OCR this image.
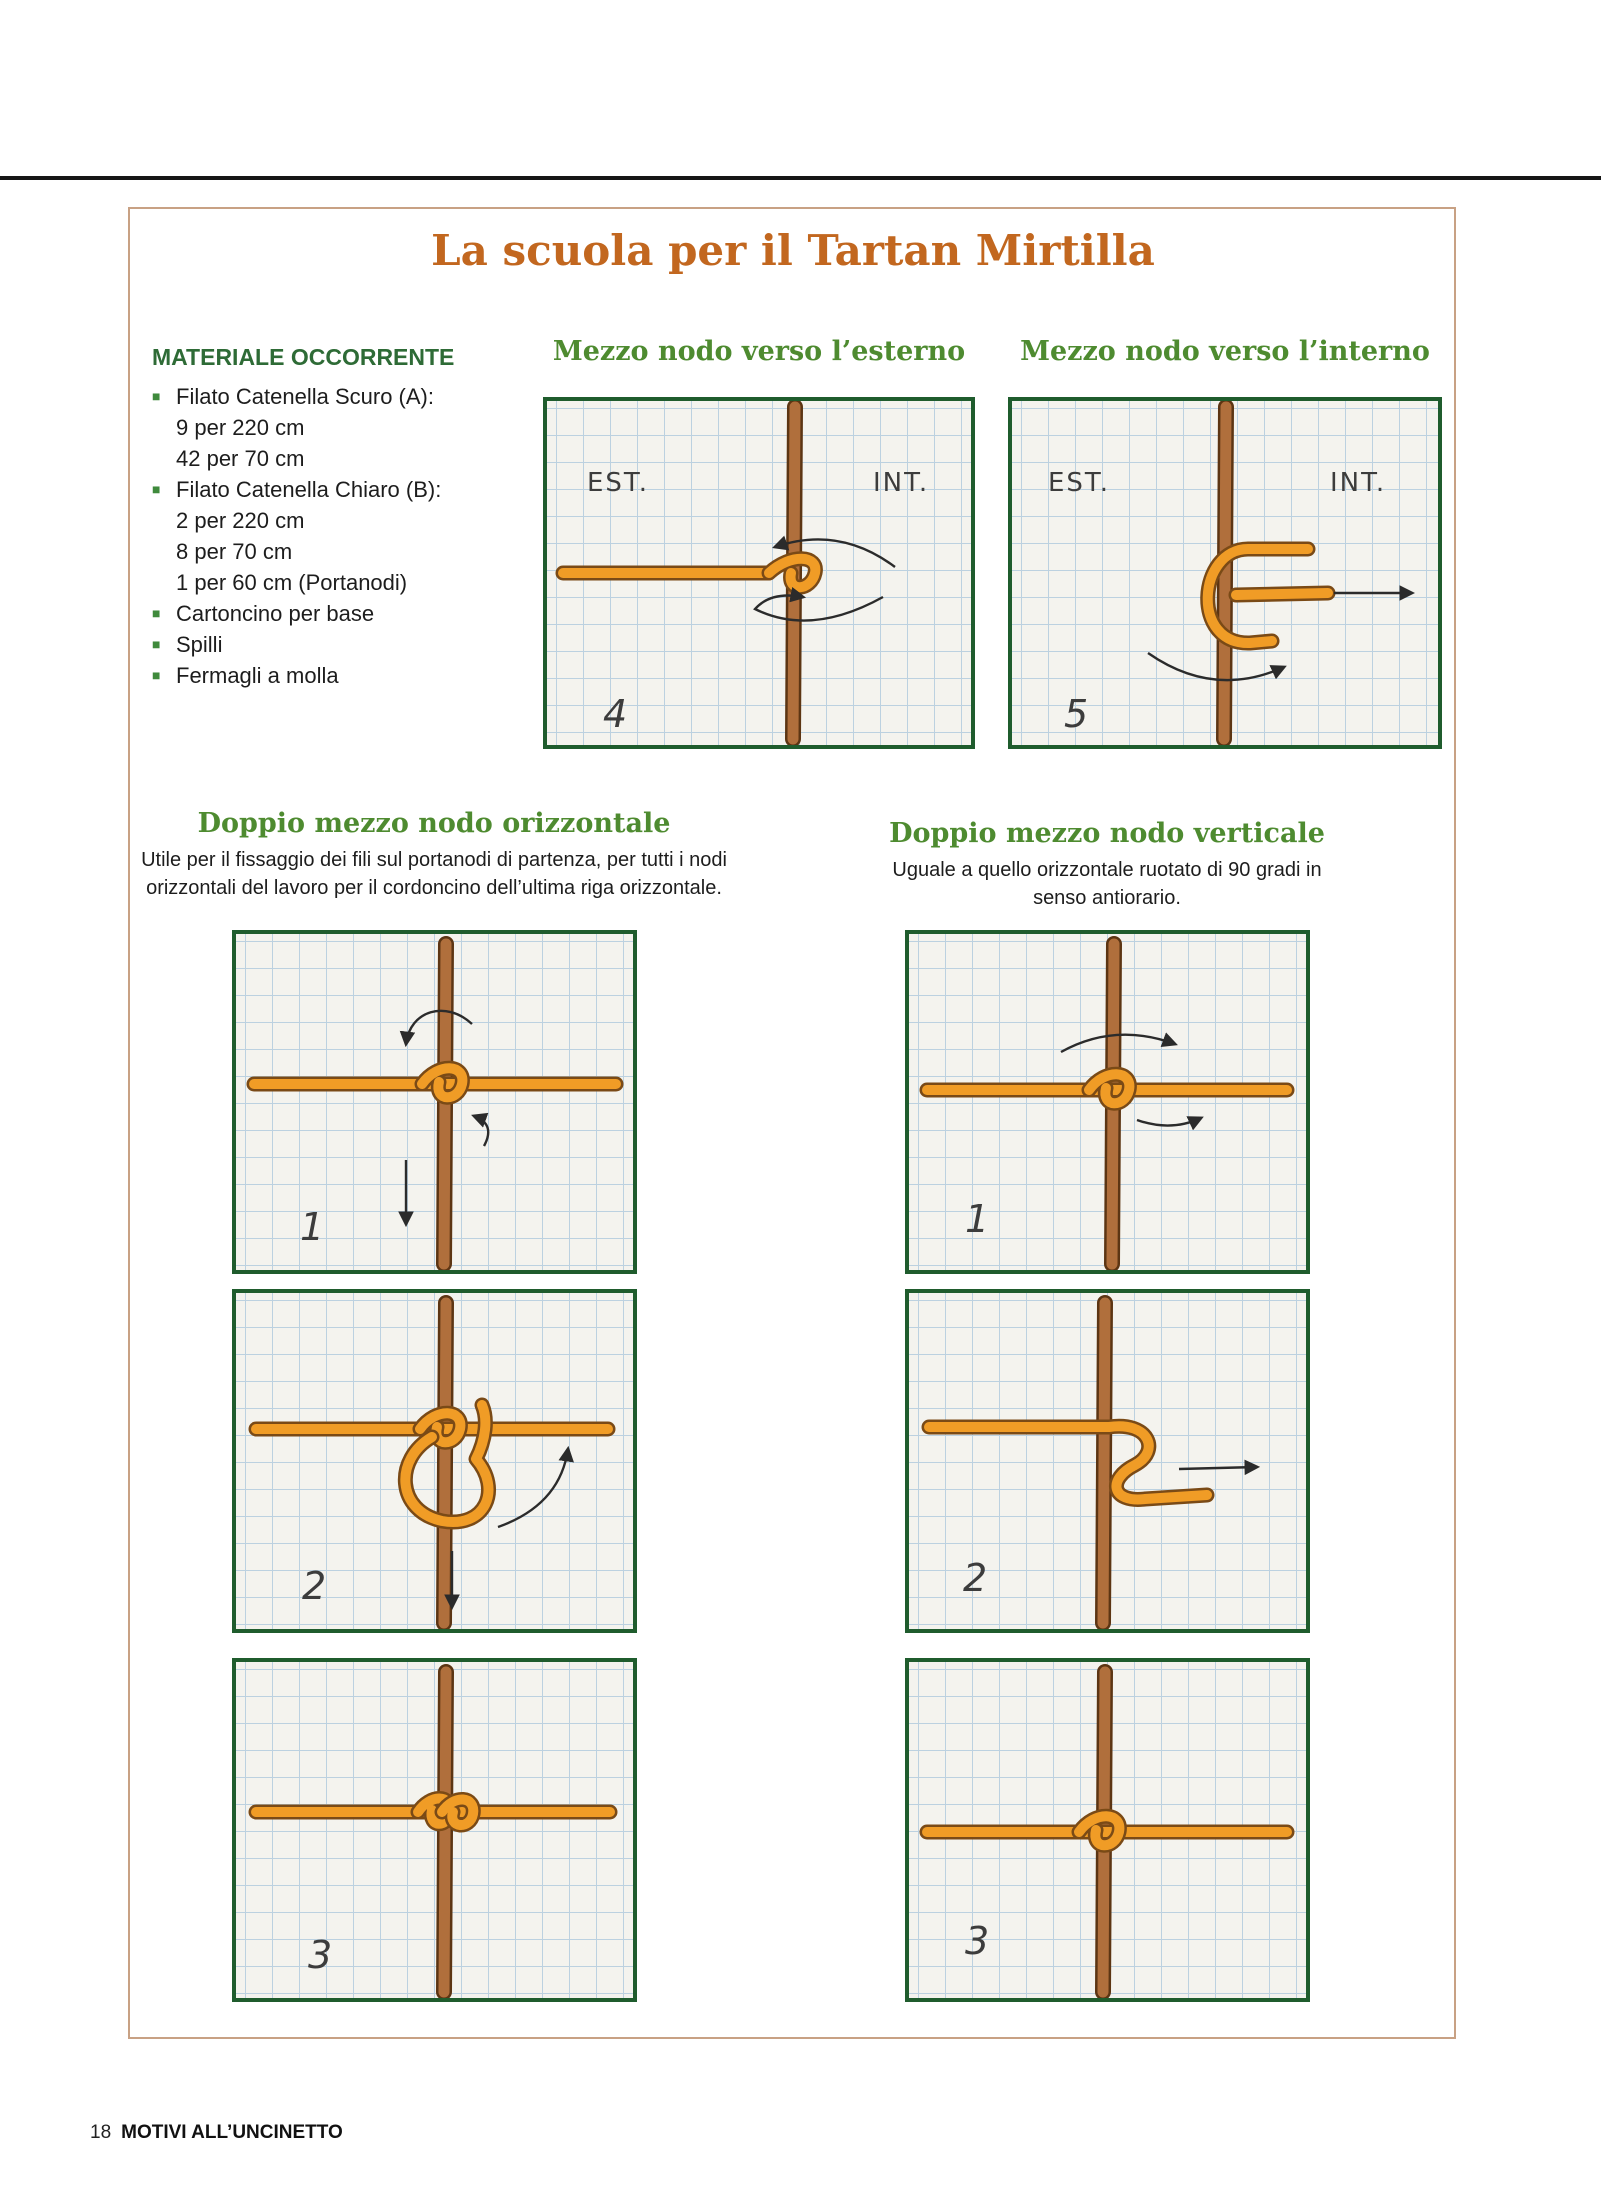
La scuola per il Tartan Mirtilla
MATERIALE OCCORRENTE
■ Filato Catenella Scuro (A):
9 per 220 cm
42 per 70 cm
■ Filato Catenella Chiaro (B):
2 per 220 cm
8 per 70 cm
1 per 60 cm (Portanodi)
■ Cartoncino per base
■ Spilli
■ Fermagli a molla
Mezzo nodo verso l’esterno	Mezzo nodo verso l’interno
EST.	INT.
4
EST.	INT.
5
Doppio mezzo nodo orizzontale
Utile per il fissaggio dei fili sul portanodi di partenza, per tutti i nodi orizzontali del lavoro per il cordoncino dell’ultima riga orizzontale.
Doppio mezzo nodo verticale
Uguale a quello orizzontale ruotato di 90 gradi in senso antiorario.
1
2
3
1
2
3
18 MOTIVI ALL’UNCINETTO
